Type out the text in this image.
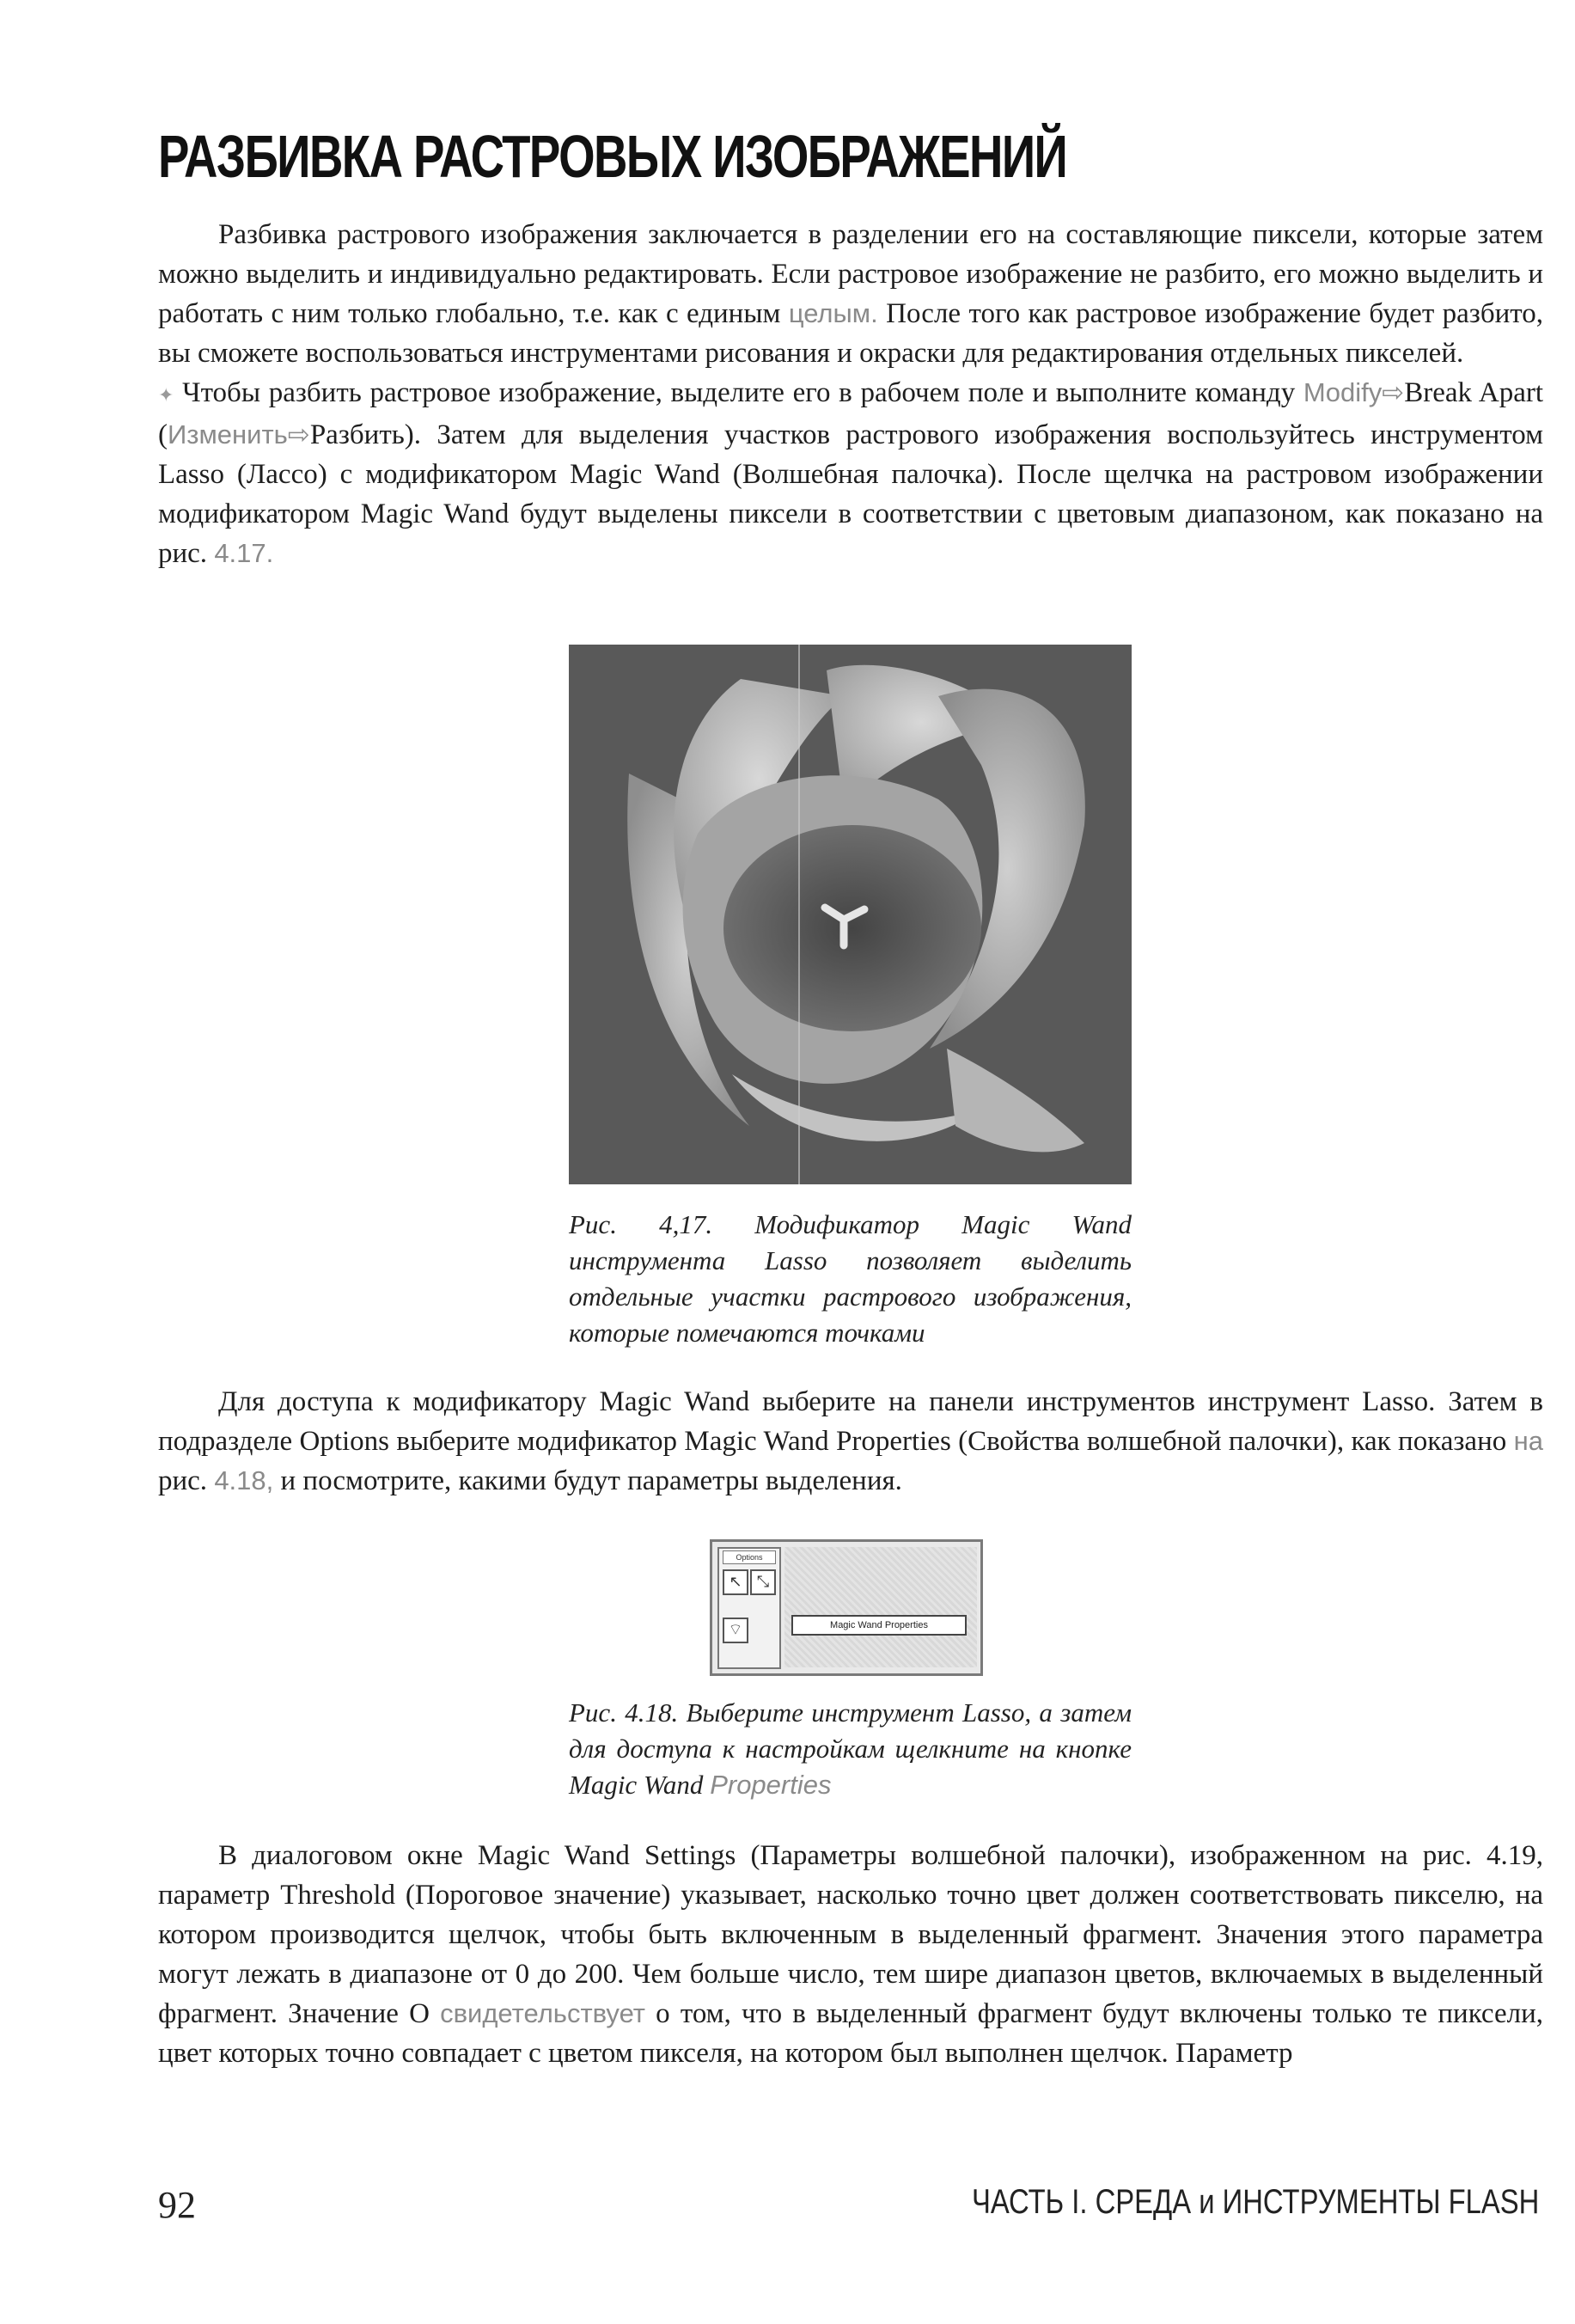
РАЗБИВКА РАСТРОВЫХ ИЗОБРАЖЕНИЙ

Разбивка растрового изображения заключается в разделении его на составляющие пиксели, которые затем можно выделить и индивидуально редактировать. Если растровое изображение не разбито, его можно выделить и работать с ним только глобально, т.е. как с единым целым. После того как растровое изображение будет разбито, вы сможете воспользоваться инструментами рисования и окраски для редактирования отдельных пикселей.

✦ Чтобы разбить растровое изображение, выделите его в рабочем поле и выполните команду Modify⇨Break Apart (Изменить⇨Разбить). Затем для выделения участков растрового изображения воспользуйтесь инструментом Lasso (Лассо) с модификатором Magic Wand (Волшебная палочка). После щелчка на растровом изображении модификатором Magic Wand будут выделены пиксели в соответствии с цветовым диапазоном, как показано на рис. 4.17.

Рис. 4,17. Модификатор Magic Wand инструмента Lasso позволяет выделить отдельные участки растрового изображения, которые помечаются точками

Для доступа к модификатору Magic Wand выберите на панели инструментов инструмент Lasso. Затем в подразделе Options выберите модификатор Magic Wand Properties (Свойства волшебной палочки), как показано на рис. 4.18, и посмотрите, какими будут параметры выделения.

Options
↖ ⤡
⌔	Magic Wand Properties

Рис. 4.18. Выберите инструмент Lasso, а затем для доступа к настройкам щелкните на кнопке Magic Wand Properties

В диалоговом окне Magic Wand Settings (Параметры волшебной палочки), изображенном на рис. 4.19, параметр Threshold (Пороговое значение) указывает, насколько точно цвет должен соответствовать пикселю, на котором производится щелчок, чтобы быть включенным в выделенный фрагмент. Значения этого параметра могут лежать в диапазоне от 0 до 200. Чем больше число, тем шире диапазон цветов, включаемых в выделенный фрагмент. Значение О свидетельствует о том, что в выделенный фрагмент будут включены только те пиксели, цвет которых точно совпадает с цветом пикселя, на котором был выполнен щелчок. Параметр

92	ЧАСТЬ I. СРЕДА и ИНСТРУМЕНТЫ FLASH
